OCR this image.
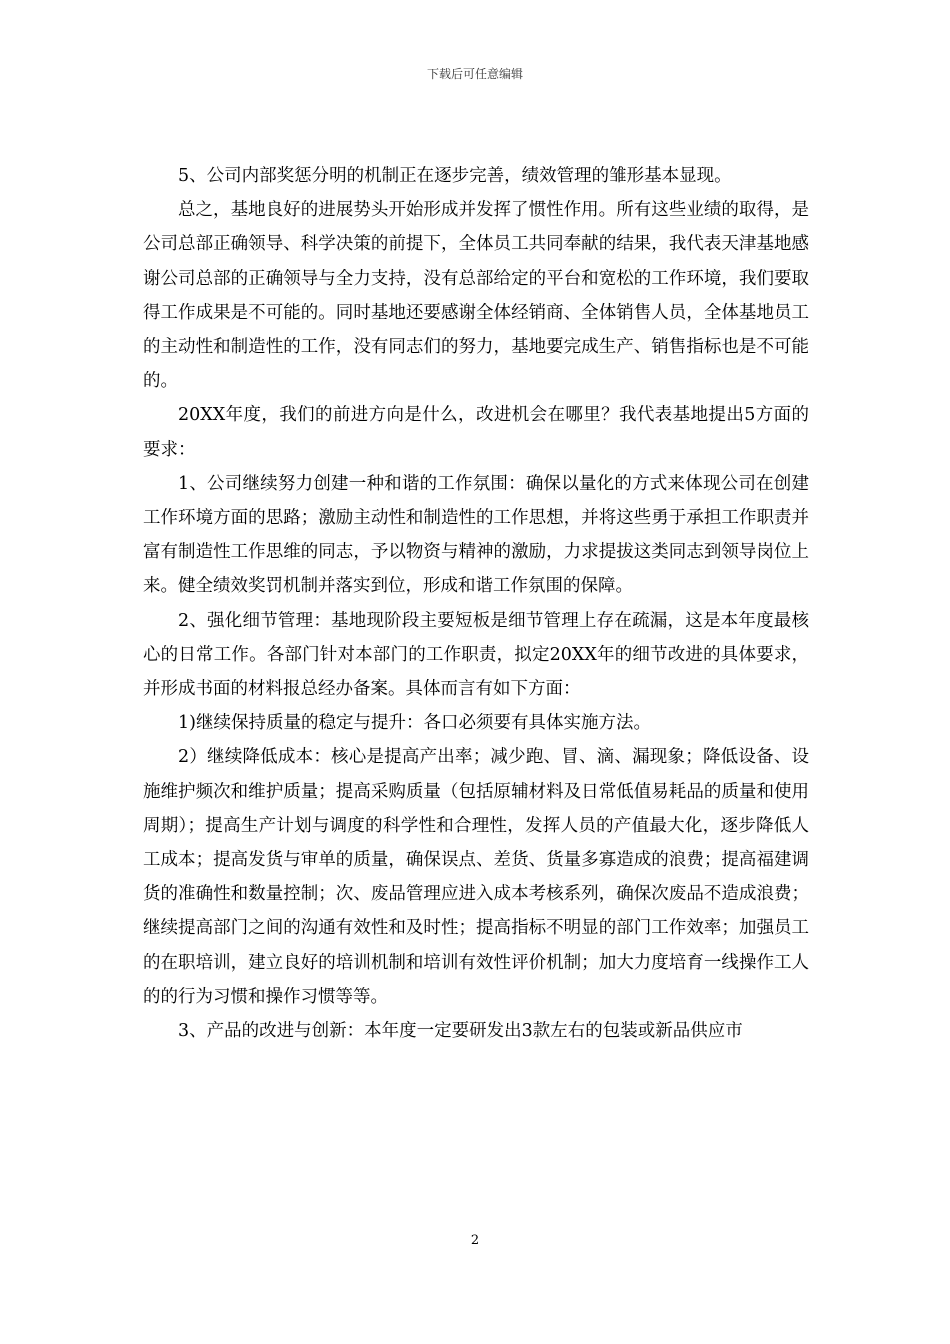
下载后可任意编辑

5、公司内部奖惩分明的机制正在逐步完善，绩效管理的雏形基本显现。

总之，基地良好的进展势头开始形成并发挥了惯性作用。所有这些业绩的取得，是公司总部正确领导、科学决策的前提下，全体员工共同奉献的结果，我代表天津基地感谢公司总部的正确领导与全力支持，没有总部给定的平台和宽松的工作环境，我们要取得工作成果是不可能的。同时基地还要感谢全体经销商、全体销售人员，全体基地员工的主动性和制造性的工作，没有同志们的努力，基地要完成生产、销售指标也是不可能的。

20XX年度，我们的前进方向是什么，改进机会在哪里？我代表基地提出5方面的要求：

1、公司继续努力创建一种和谐的工作氛围：确保以量化的方式来体现公司在创建工作环境方面的思路；激励主动性和制造性的工作思想，并将这些勇于承担工作职责并富有制造性工作思维的同志，予以物资与精神的激励，力求提拔这类同志到领导岗位上来。健全绩效奖罚机制并落实到位，形成和谐工作氛围的保障。

2、强化细节管理：基地现阶段主要短板是细节管理上存在疏漏，这是本年度最核心的日常工作。各部门针对本部门的工作职责，拟定20XX年的细节改进的具体要求，并形成书面的材料报总经办备案。具体而言有如下方面：

1)继续保持质量的稳定与提升：各口必须要有具体实施方法。

2）继续降低成本：核心是提高产出率；减少跑、冒、滴、漏现象；降低设备、设施维护频次和维护质量；提高采购质量（包括原辅材料及日常低值易耗品的质量和使用周期）；提高生产计划与调度的科学性和合理性，发挥人员的产值最大化，逐步降低人工成本；提高发货与审单的质量，确保误点、差货、货量多寡造成的浪费；提高福建调货的准确性和数量控制；次、废品管理应进入成本考核系列，确保次废品不造成浪费；继续提高部门之间的沟通有效性和及时性；提高指标不明显的部门工作效率；加强员工的在职培训，建立良好的培训机制和培训有效性评价机制；加大力度培育一线操作工人的的行为习惯和操作习惯等等。

3、产品的改进与创新：本年度一定要研发出3款左右的包装或新品供应市

2
